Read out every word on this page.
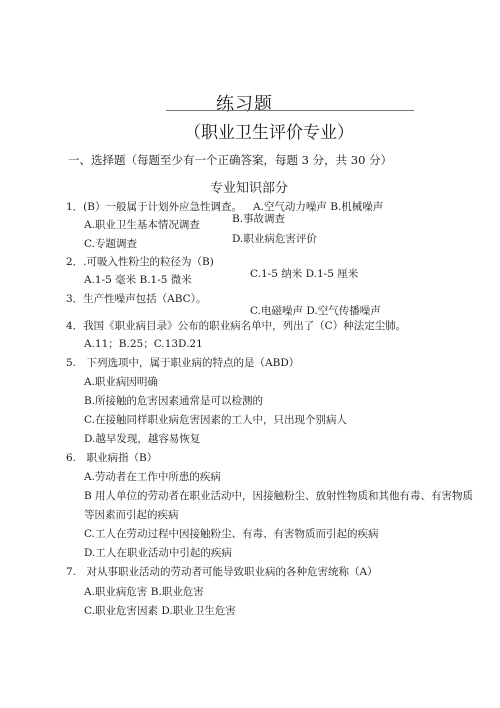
练习题
（职业卫生评价专业）
一、选择题（每题至少有一个正确答案，每题 3 分，共 30 分）
专业知识部分
1．(B）一般属于计划外应急性调查。 A.空气动力噪声 B.机械噪声
A.职业卫生基本情况调查	B.事故调查
C.专题调查	D.职业病危害评价
2．.可吸入性粉尘的粒径为（B)
A.1-5 毫米 B.1-5 微米	C.1-5 纳米 D.1-5 厘米
3．生产性噪声包括（ABC）。
C.电磁噪声 D.空气传播噪声
4．我国《职业病目录》公布的职业病名单中，列出了（C）种法定尘肺。
A.11；B.25；C.13D.21
5.　下列选项中，属于职业病的特点的是（ABD）
A.职业病因明确
B.所接触的危害因素通常是可以检测的
C.在接触同样职业病危害因素的工人中，只出现个别病人
D.越早发现，越容易恢复
6.　职业病指（B）
A.劳动者在工作中所患的疾病
B 用人单位的劳动者在职业活动中，因接触粉尘、放射性物质和其他有毒、有害物质
等因素而引起的疾病
C.工人在劳动过程中因接触粉尘、有毒、有害物质而引起的疾病
D.工人在职业活动中引起的疾病
7.　对从事职业活动的劳动者可能导致职业病的各种危害统称（A）
A.职业病危害 B.职业危害
C.职业危害因素 D.职业卫生危害
